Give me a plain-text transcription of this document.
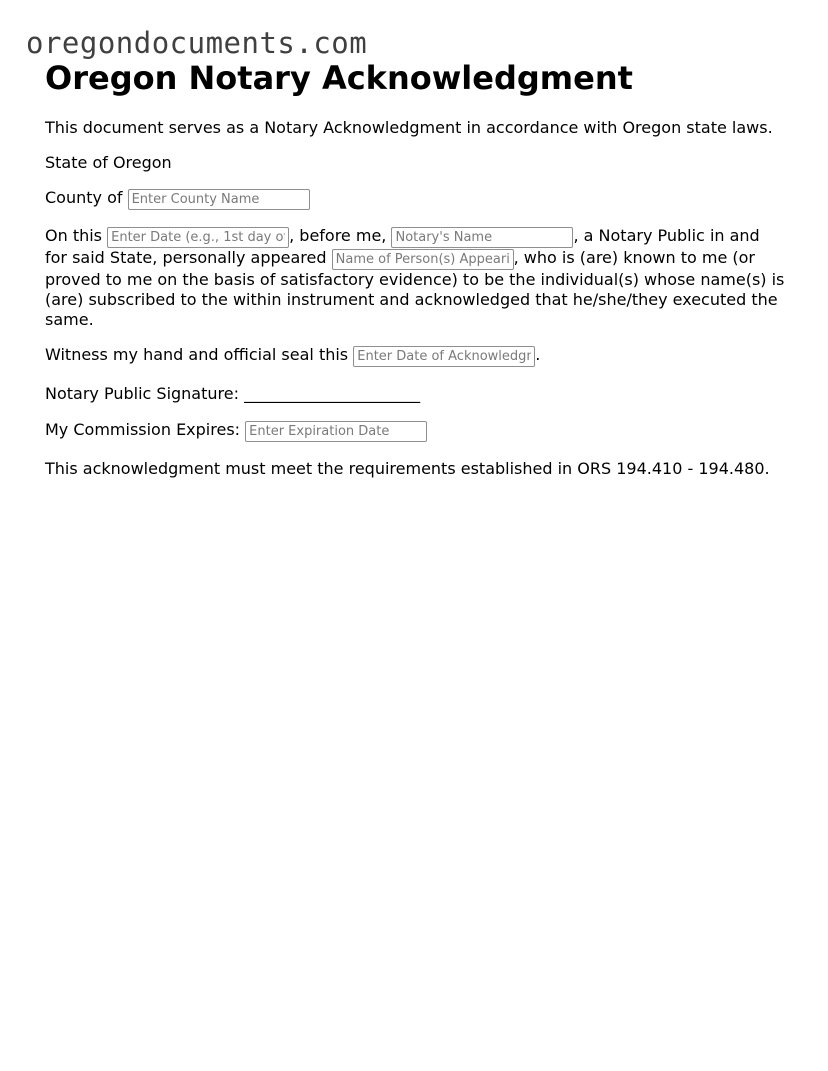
oregondocuments.com
Oregon Notary Acknowledgment

This document serves as a Notary Acknowledgment in accordance with Oregon state laws.

State of Oregon

County of Enter County Name

On this Enter Date (e.g., 1st day of	, before me, Notary's Name	, a Notary Public in and for said State, personally appeared Name of Person(s) Appearing	, who is (are) known to me (or proved to me on the basis of satisfactory evidence) to be the individual(s) whose name(s) is (are) subscribed to the within instrument and acknowledged that he/she/they executed the same.

Witness my hand and official seal this Enter Date of Acknowledgment	.

Notary Public Signature: ______________________

My Commission Expires: Enter Expiration Date

This acknowledgment must meet the requirements established in ORS 194.410 - 194.480.
